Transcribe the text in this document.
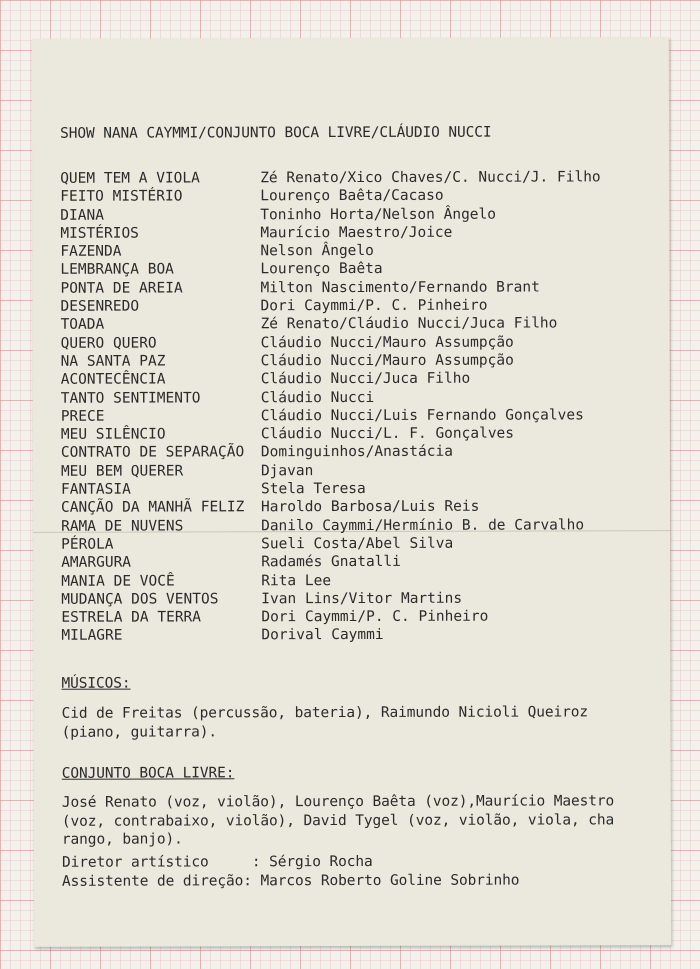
SHOW NANA CAYMMI/CONJUNTO BOCA LIVRE/CLÁUDIO NUCCI
QUEM TEM A VIOLA	Zé Renato/Xico Chaves/C. Nucci/J. Filho
FEITO MISTÉRIO	Lourenço Baêta/Cacaso
DIANA	Toninho Horta/Nelson Ângelo
MISTÉRIOS	Maurício Maestro/Joice
FAZENDA	Nelson Ângelo
LEMBRANÇA BOA	Lourenço Baêta
PONTA DE AREIA	Milton Nascimento/Fernando Brant
DESENREDO	Dori Caymmi/P. C. Pinheiro
TOADA	Zé Renato/Cláudio Nucci/Juca Filho
QUERO QUERO	Cláudio Nucci/Mauro Assumpção
NA SANTA PAZ	Cláudio Nucci/Mauro Assumpção
ACONTECÊNCIA	Cláudio Nucci/Juca Filho
TANTO SENTIMENTO	Cláudio Nucci
PRECE	Cláudio Nucci/Luis Fernando Gonçalves
MEU SILÊNCIO	Cláudio Nucci/L. F. Gonçalves
CONTRATO DE SEPARAÇÃO Dominguinhos/Anastácia
MEU BEM QUERER	Djavan
FANTASIA	Stela Teresa
CANÇÃO DA MANHÃ FELIZ Haroldo Barbosa/Luis Reis
RAMA DE NUVENS	Danilo Caymmi/Hermínio B. de Carvalho
PÉROLA	Sueli Costa/Abel Silva
AMARGURA	Radamés Gnatalli
MANIA DE VOCÊ	Rita Lee
MUDANÇA DOS VENTOS	Ivan Lins/Vitor Martins
ESTRELA DA TERRA	Dori Caymmi/P. C. Pinheiro
MILAGRE	Dorival Caymmi
MÚSICOS:
Cid de Freitas (percussão, bateria), Raimundo Nicioli Queiroz
(piano, guitarra).
CONJUNTO BOCA LIVRE:
José Renato (voz, violão), Lourenço Baêta (voz),Maurício Maestro
(voz, contrabaixo, violão), David Tygel (voz, violão, viola, cha
rango, banjo).
Diretor artístico     : Sérgio Rocha
Assistente de direção: Marcos Roberto Goline Sobrinho
